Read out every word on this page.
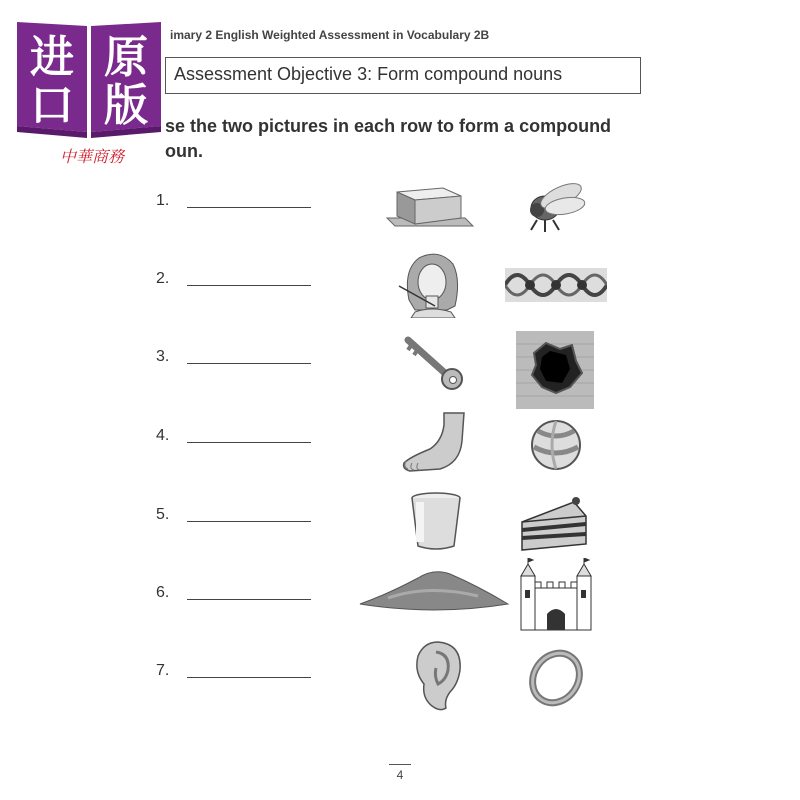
进 原
口 版
中華商務
imary 2 English Weighted Assessment in Vocabulary 2B
Assessment Objective 3: Form compound nouns
se the two pictures in each row to form a compound
oun.
1.
2.
3.
4.
5.
6.
7.
4
